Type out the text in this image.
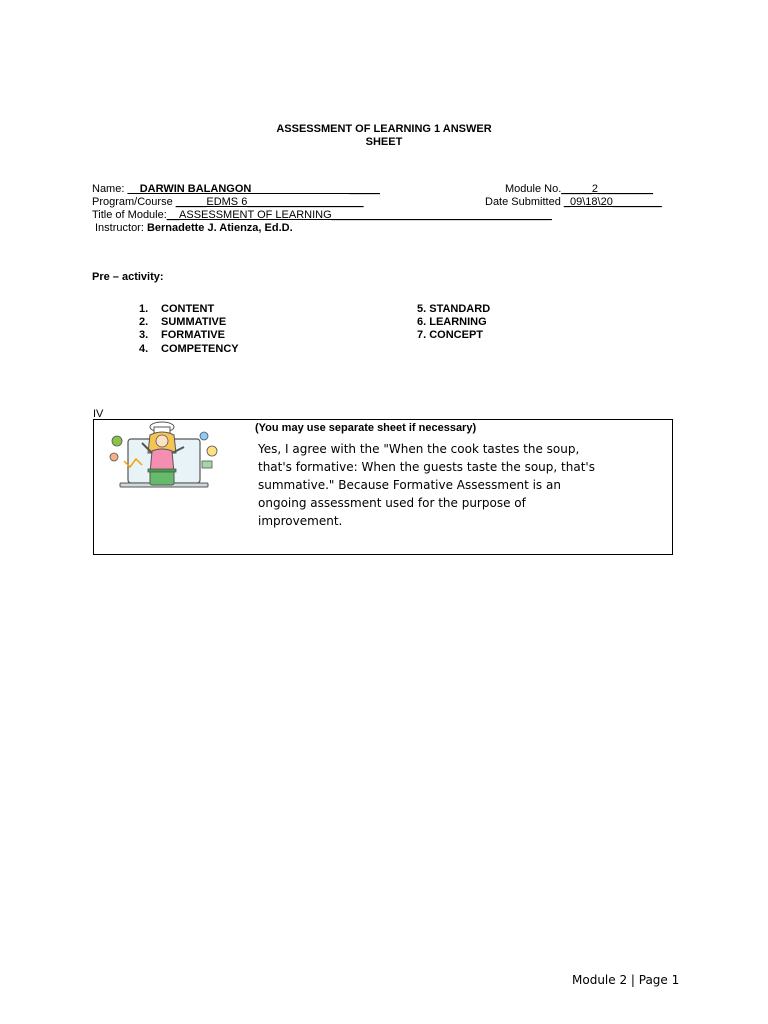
ASSESSMENT OF LEARNING 1 ANSWER
SHEET
Name: __DARWIN BALANGON_____________________	Module No._____2_________
Program/Course _____EDMS 6___________________	Date Submitted _09\18\20________
Title of Module:__ASSESSMENT OF LEARNING____________________________________
Instructor: Bernadette J. Atienza, Ed.D.
Pre – activity:
1. CONTENT
2. SUMMATIVE
3. FORMATIVE
4. COMPETENCY
5. STANDARD
6. LEARNING
7. CONCEPT
IV
(You may use separate sheet if necessary)
Yes, I agree with the "When the cook tastes the soup,
that's formative: When the guests taste the soup, that's
summative." Because Formative Assessment is an
ongoing assessment used for the purpose of
improvement.
Module 2 | Page 1
